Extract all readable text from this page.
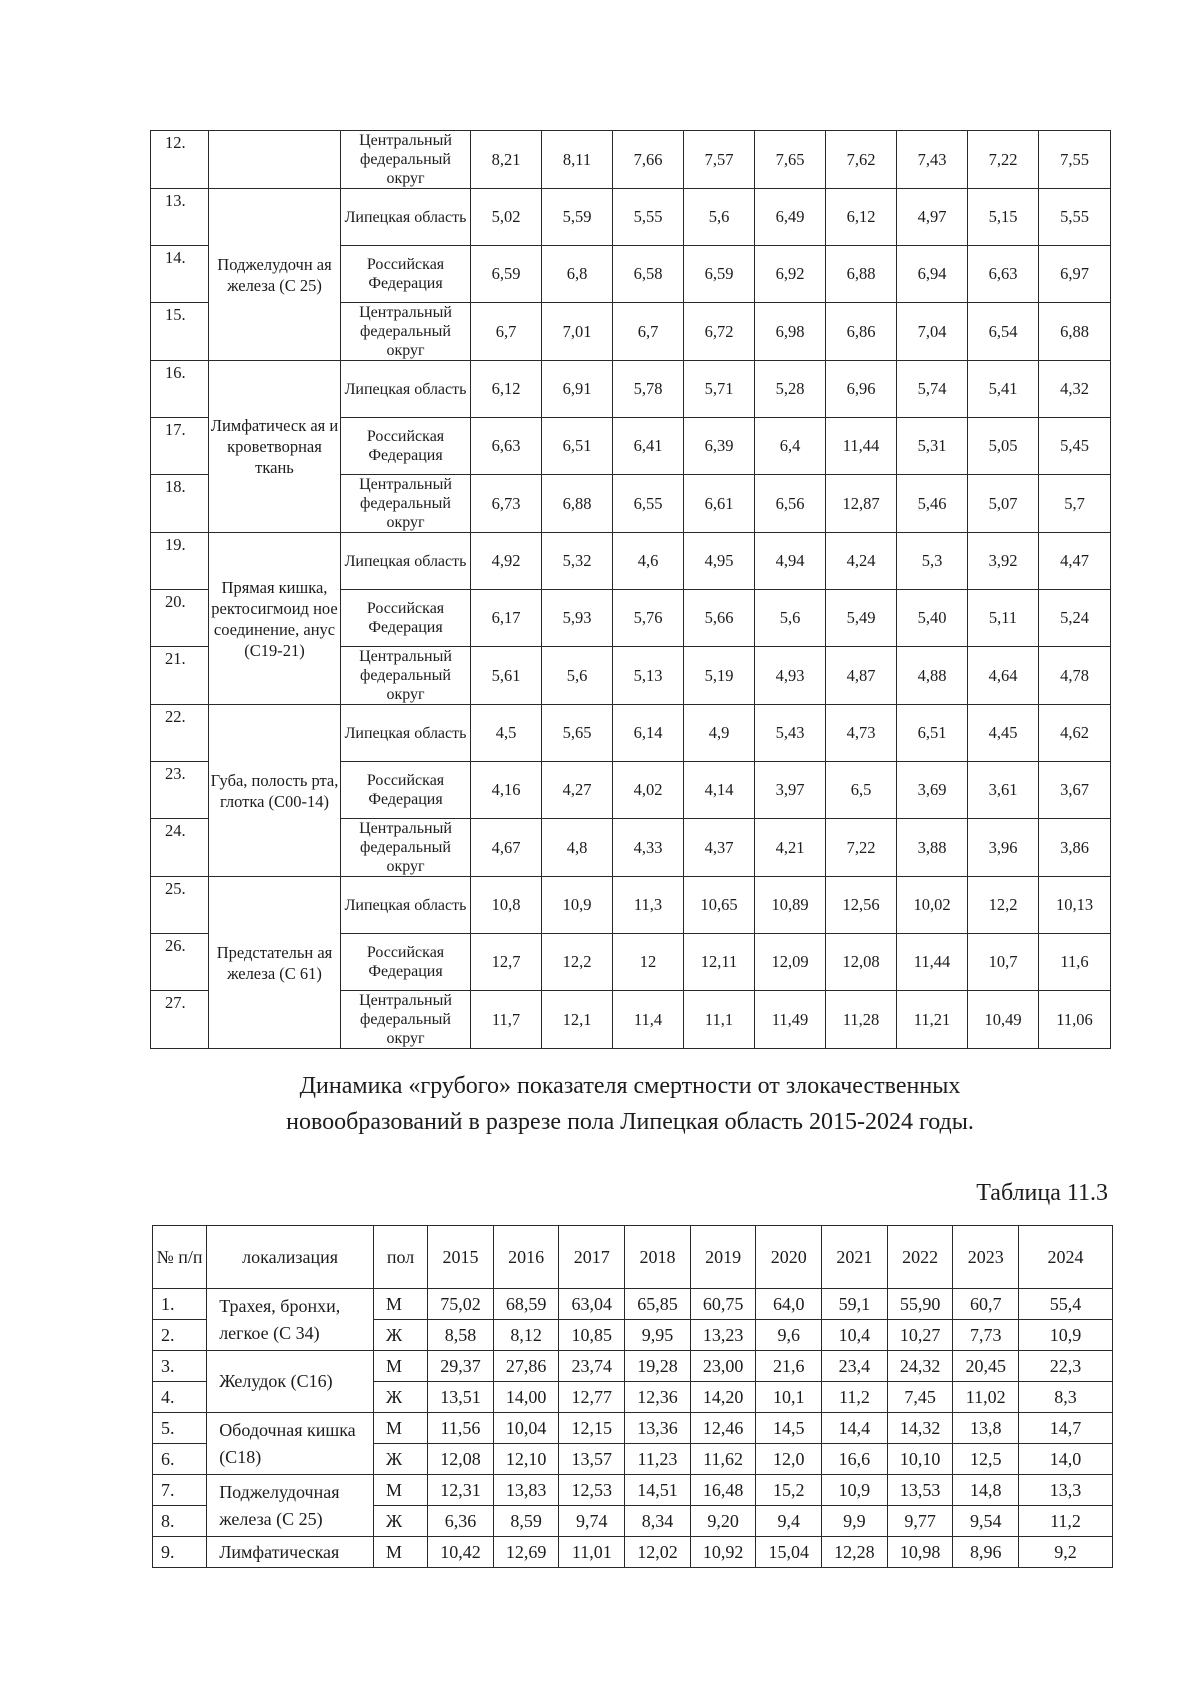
12.		Центральный федеральный округ	8,21	8,11	7,66	7,57	7,65	7,62	7,43	7,22	7,55
13.	Поджелудочн ая железа (С 25)	Липецкая область	5,02	5,59	5,55	5,6	6,49	6,12	4,97	5,15	5,55
14.		Российская Федерация	6,59	6,8	6,58	6,59	6,92	6,88	6,94	6,63	6,97
15.		Центральный федеральный округ	6,7	7,01	6,7	6,72	6,98	6,86	7,04	6,54	6,88
16.	Лимфатическ ая и кроветворная ткань	Липецкая область	6,12	6,91	5,78	5,71	5,28	6,96	5,74	5,41	4,32
17.		Российская Федерация	6,63	6,51	6,41	6,39	6,4	11,44	5,31	5,05	5,45
18.		Центральный федеральный округ	6,73	6,88	6,55	6,61	6,56	12,87	5,46	5,07	5,7
19.	Прямая кишка, ректосигмоид ное соединение, анус (С19-21)	Липецкая область	4,92	5,32	4,6	4,95	4,94	4,24	5,3	3,92	4,47
20.		Российская Федерация	6,17	5,93	5,76	5,66	5,6	5,49	5,40	5,11	5,24
21.		Центральный федеральный округ	5,61	5,6	5,13	5,19	4,93	4,87	4,88	4,64	4,78
22.	Губа, полость рта, глотка (С00-14)	Липецкая область	4,5	5,65	6,14	4,9	5,43	4,73	6,51	4,45	4,62
23.		Российская Федерация	4,16	4,27	4,02	4,14	3,97	6,5	3,69	3,61	3,67
24.		Центральный федеральный округ	4,67	4,8	4,33	4,37	4,21	7,22	3,88	3,96	3,86
25.	Предстательн ая железа (С 61)	Липецкая область	10,8	10,9	11,3	10,65	10,89	12,56	10,02	12,2	10,13
26.		Российская Федерация	12,7	12,2	12	12,11	12,09	12,08	11,44	10,7	11,6
27.		Центральный федеральный округ	11,7	12,1	11,4	11,1	11,49	11,28	11,21	10,49	11,06
Динамика «грубого» показателя смертности от злокачественных
новообразований в разрезе пола Липецкая область 2015-2024 годы.
Таблица 11.3
№ п/п	локализация	пол	2015	2016	2017	2018	2019	2020	2021	2022	2023	2024
1.	Трахея, бронхи, легкое (С 34)	М	75,02	68,59	63,04	65,85	60,75	64,0	59,1	55,90	60,7	55,4
2.		Ж	8,58	8,12	10,85	9,95	13,23	9,6	10,4	10,27	7,73	10,9
3.	Желудок (С16)	М	29,37	27,86	23,74	19,28	23,00	21,6	23,4	24,32	20,45	22,3
4.		Ж	13,51	14,00	12,77	12,36	14,20	10,1	11,2	7,45	11,02	8,3
5.	Ободочная кишка (С18)	М	11,56	10,04	12,15	13,36	12,46	14,5	14,4	14,32	13,8	14,7
6.		Ж	12,08	12,10	13,57	11,23	11,62	12,0	16,6	10,10	12,5	14,0
7.	Поджелудочная железа (С 25)	М	12,31	13,83	12,53	14,51	16,48	15,2	10,9	13,53	14,8	13,3
8.		Ж	6,36	8,59	9,74	8,34	9,20	9,4	9,9	9,77	9,54	11,2
9.	Лимфатическая	М	10,42	12,69	11,01	12,02	10,92	15,04	12,28	10,98	8,96	9,2
